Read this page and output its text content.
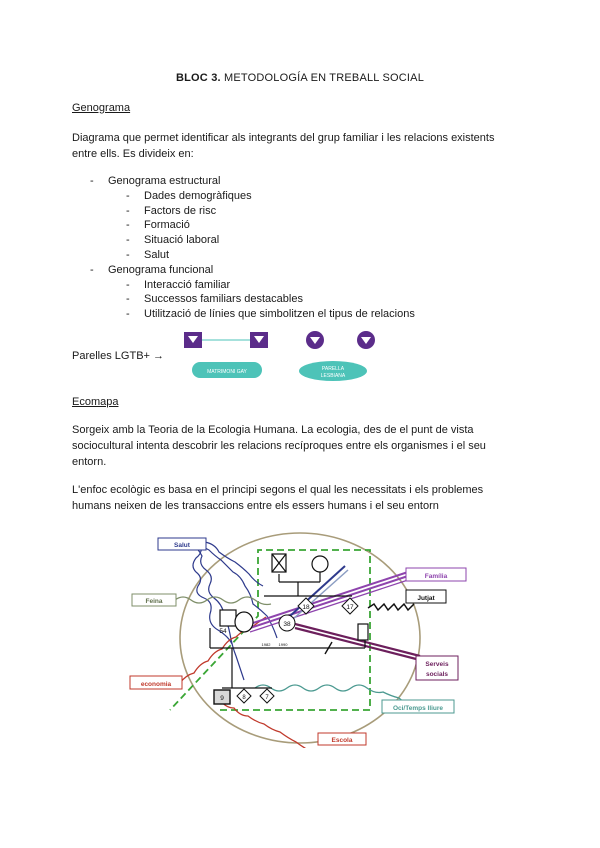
BLOC 3. METODOLOGÍA EN TREBALL SOCIAL
Genograma
Diagrama que permet identificar als integrants del grup familiar i les relacions existents
entre ells. Es divideix en:
- Genograma estructural
- Dades demogràfiques
- Factors de risc
- Formació
- Situació laboral
- Salut
- Genograma funcional
- Interacció familiar
- Successos familiars destacables
- Utilització de línies que simbolitzen el tipus de relacions
MATRIMONI GAY	PARELLA
LESBIANA
Parelles LGTB+ →
Ecomapa
Sorgeix amb la Teoria de la Ecologia Humana. La ecologia, des de el punt de vista
sociocultural intenta descobrir les relacions recíproques entre els organismes i el seu
entorn.
L'enfoc ecològic es basa en el principi segons el qual les necessitats i els problemes
humans neixen de les transaccions entre els essers humans i el seu entorn
18	17
38
54
9	8	7
1982 1990
Salut
Feina
economia
Escola
Família
Jutjat
Serveis
socials
Oci/Temps lliure
